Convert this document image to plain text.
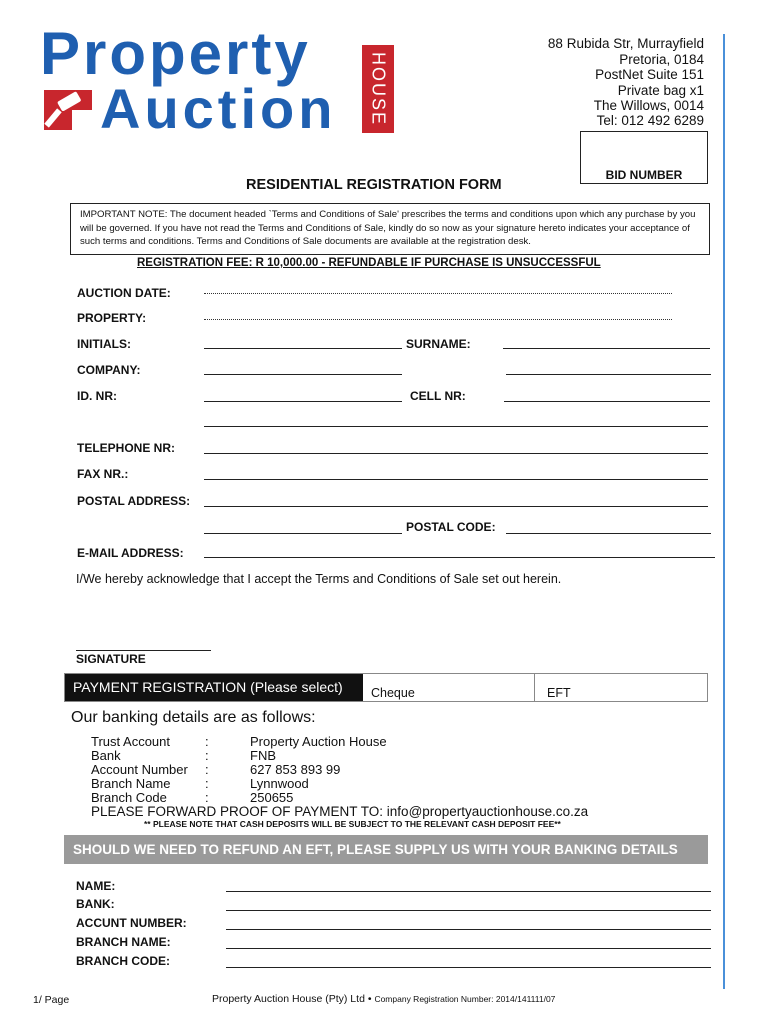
Property
Auction HOUSE
88 Rubida Str, Murrayfield
Pretoria, 0184
PostNet Suite 151
Private bag x1
The Willows, 0014
Tel: 012 492 6289
BID NUMBER
RESIDENTIAL REGISTRATION FORM
IMPORTANT NOTE: The document headed `Terms and Conditions of Sale' prescribes the terms and conditions upon which any purchase by you will be governed. If you have not read the Terms and Conditions of Sale, kindly do so now as your signature hereto indicates your acceptance of such terms and conditions. Terms and Conditions of Sale documents are available at the registration desk.
REGISTRATION FEE: R 10,000.00 - REFUNDABLE IF PURCHASE IS UNSUCCESSFUL
AUCTION DATE:
PROPERTY:
INITIALS:	SURNAME:
COMPANY:
ID. NR:	CELL NR:
TELEPHONE NR:
FAX NR.:
POSTAL ADDRESS:
POSTAL CODE:
E-MAIL ADDRESS:
I/We hereby acknowledge that I accept the Terms and Conditions of Sale set out herein.
SIGNATURE
PAYMENT REGISTRATION (Please select)	Cheque	EFT
Our banking details are as follows:
Trust Account	:	Property Auction House
Bank	:	FNB
Account Number :	627 853 893 99
Branch Name	:	Lynnwood
Branch Code	:	250655
PLEASE FORWARD PROOF OF PAYMENT TO: info@propertyauctionhouse.co.za
** PLEASE NOTE THAT CASH DEPOSITS WILL BE SUBJECT TO THE RELEVANT CASH DEPOSIT FEE**
SHOULD WE NEED TO REFUND AN EFT, PLEASE SUPPLY US WITH YOUR BANKING DETAILS
NAME:
BANK:
ACCUNT NUMBER:
BRANCH NAME:
BRANCH CODE:
1/ Page	Property Auction House (Pty) Ltd • Company Registration Number: 2014/141111/07
